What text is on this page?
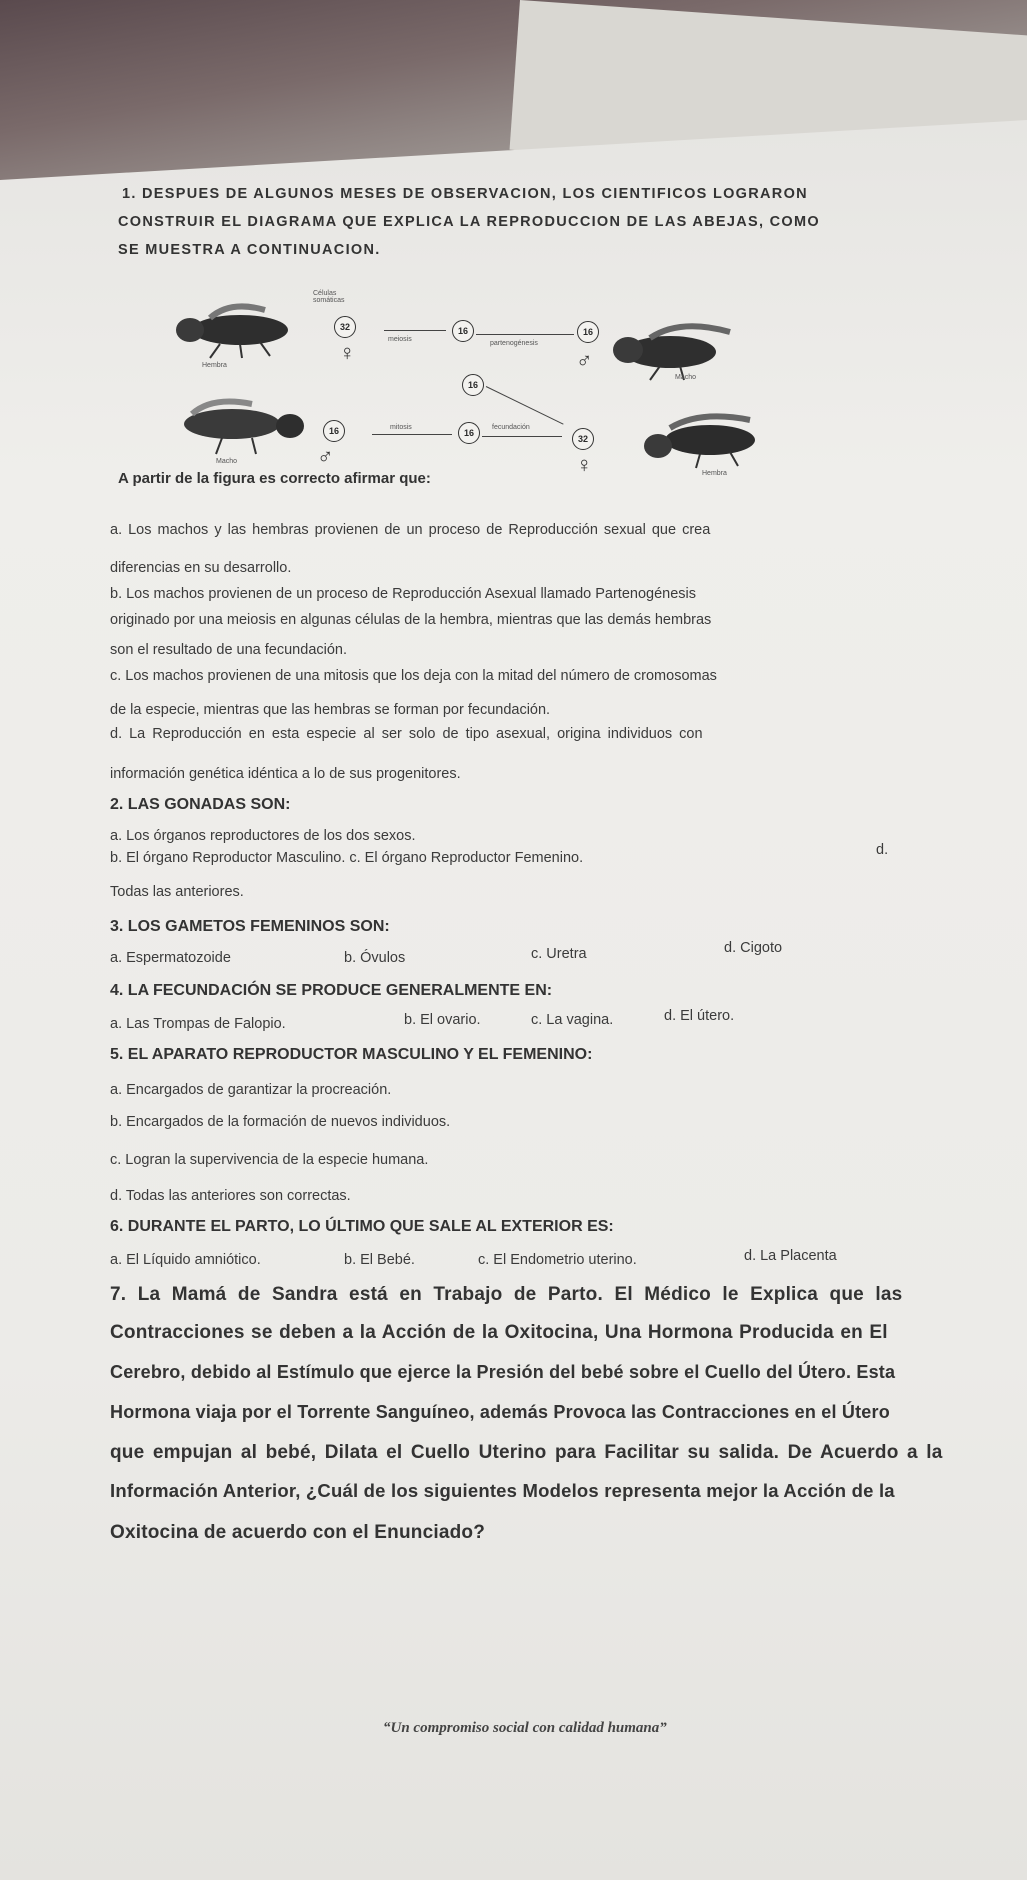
1. DESPUES DE ALGUNOS MESES DE OBSERVACION, LOS CIENTIFICOS LOGRARON
CONSTRUIR EL DIAGRAMA QUE EXPLICA LA REPRODUCCION DE LAS ABEJAS, COMO
SE MUESTRA A CONTINUACION.
Hembra
Células somáticas
32
♀
meiosis
16
partenogénesis
16
♂
Macho
16
Macho
16
♂
mitosis
16
fecundación
32
♀	Hembra
A partir de la figura es correcto afirmar que:
a. Los machos y las hembras provienen de un proceso de Reproducción sexual que crea
diferencias en su desarrollo.
b. Los machos provienen de un proceso de Reproducción Asexual llamado Partenogénesis
originado por una meiosis en algunas células de la hembra, mientras que las demás hembras
son el resultado de una fecundación.
c. Los machos provienen de una mitosis que los deja con la mitad del número de cromosomas
de la especie, mientras que las hembras se forman por fecundación.
d. La Reproducción en esta especie al ser solo de tipo asexual, origina individuos con
información genética idéntica a lo de sus progenitores.
2. LAS GONADAS SON:
a. Los órganos reproductores de los dos sexos.
b. El órgano Reproductor Masculino. c. El órgano Reproductor Femenino.	d.
Todas las anteriores.
3. LOS GAMETOS FEMENINOS SON:
a. Espermatozoide	b. Óvulos	c. Uretra	d. Cigoto
4. LA FECUNDACIÓN SE PRODUCE GENERALMENTE EN:
a. Las Trompas de Falopio.	b. El ovario.	c. La vagina.	d. El útero.
5. EL APARATO REPRODUCTOR MASCULINO Y EL FEMENINO:
a. Encargados de garantizar la procreación.
b. Encargados de la formación de nuevos individuos.
c. Logran la supervivencia de la especie humana.
d. Todas las anteriores son correctas.
6. DURANTE EL PARTO, LO ÚLTIMO QUE SALE AL EXTERIOR ES:
a. El Líquido amniótico.	b. El Bebé.	c. El Endometrio uterino.	d. La Placenta
7. La Mamá de Sandra está en Trabajo de Parto. El Médico le Explica que las
Contracciones se deben a la Acción de la Oxitocina, Una Hormona Producida en El
Cerebro, debido al Estímulo que ejerce la Presión del bebé sobre el Cuello del Útero. Esta
Hormona viaja por el Torrente Sanguíneo, además Provoca las Contracciones en el Útero
que empujan al bebé, Dilata el Cuello Uterino para Facilitar su salida. De Acuerdo a la
Información Anterior, ¿Cuál de los siguientes Modelos representa mejor la Acción de la
Oxitocina de acuerdo con el Enunciado?
“Un compromiso social con calidad humana”
